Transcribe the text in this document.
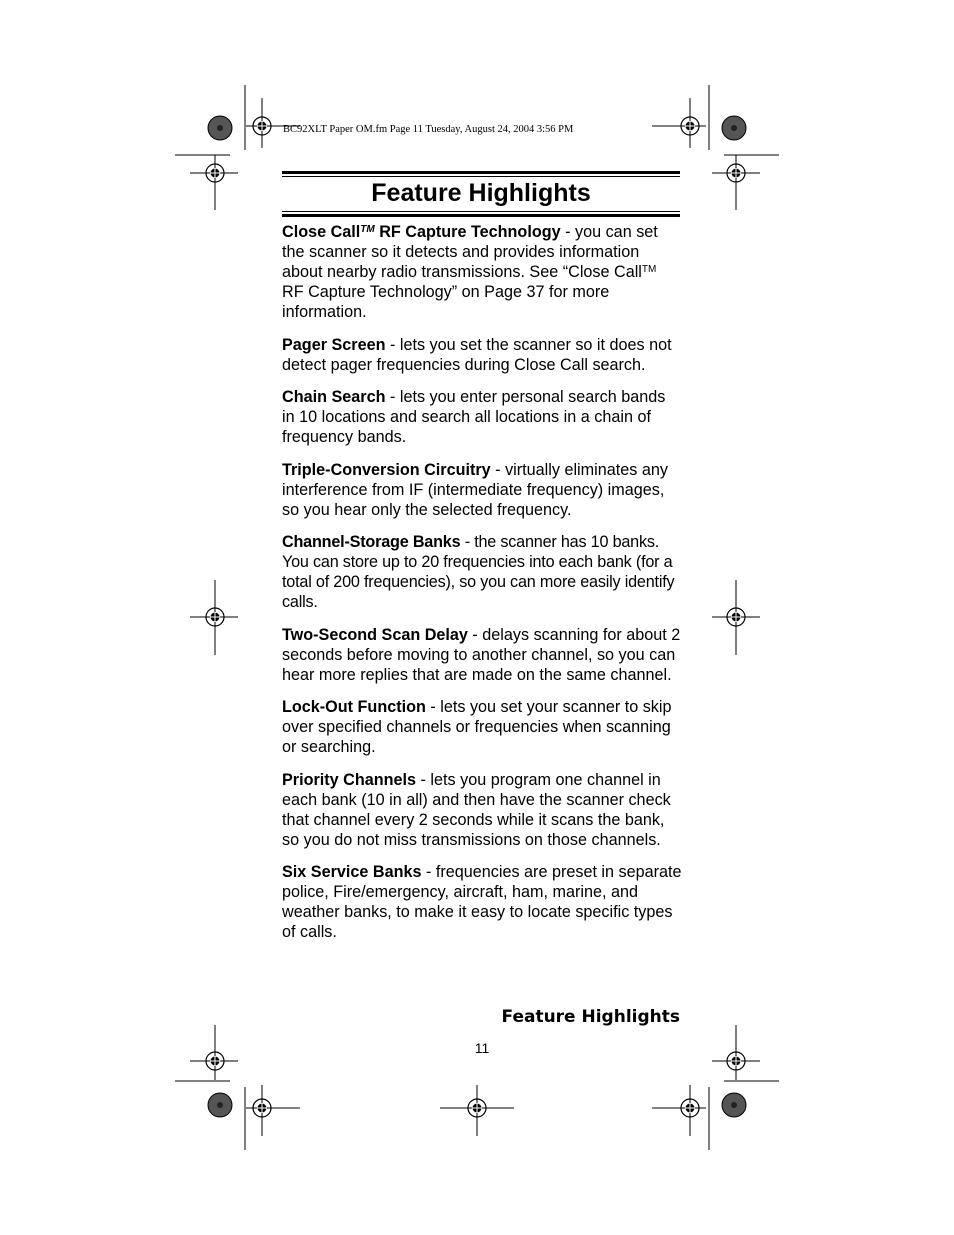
BC92XLT Paper OM.fm Page 11 Tuesday, August 24, 2004 3:56 PM
Feature Highlights

Close Call™ RF Capture Technology - you can set the scanner so it detects and provides information about nearby radio transmissions. See “Close Call™ RF Capture Technology” on Page 37 for more information.

Pager Screen - lets you set the scanner so it does not detect pager frequencies during Close Call search.

Chain Search - lets you enter personal search bands in 10 locations and search all locations in a chain of frequency bands.

Triple-Conversion Circuitry - virtually eliminates any interference from IF (intermediate frequency) images, so you hear only the selected frequency.

Channel-Storage Banks - the scanner has 10 banks. You can store up to 20 frequencies into each bank (for a total of 200 frequencies), so you can more easily identify calls.

Two-Second Scan Delay - delays scanning for about 2 seconds before moving to another channel, so you can hear more replies that are made on the same channel.

Lock-Out Function - lets you set your scanner to skip over specified channels or frequencies when scanning or searching.

Priority Channels - lets you program one channel in each bank (10 in all) and then have the scanner check that channel every 2 seconds while it scans the bank, so you do not miss transmissions on those channels.

Six Service Banks - frequencies are preset in separate police, Fire/emergency, aircraft, ham, marine, and weather banks, to make it easy to locate specific types of calls.

Feature Highlights
11
